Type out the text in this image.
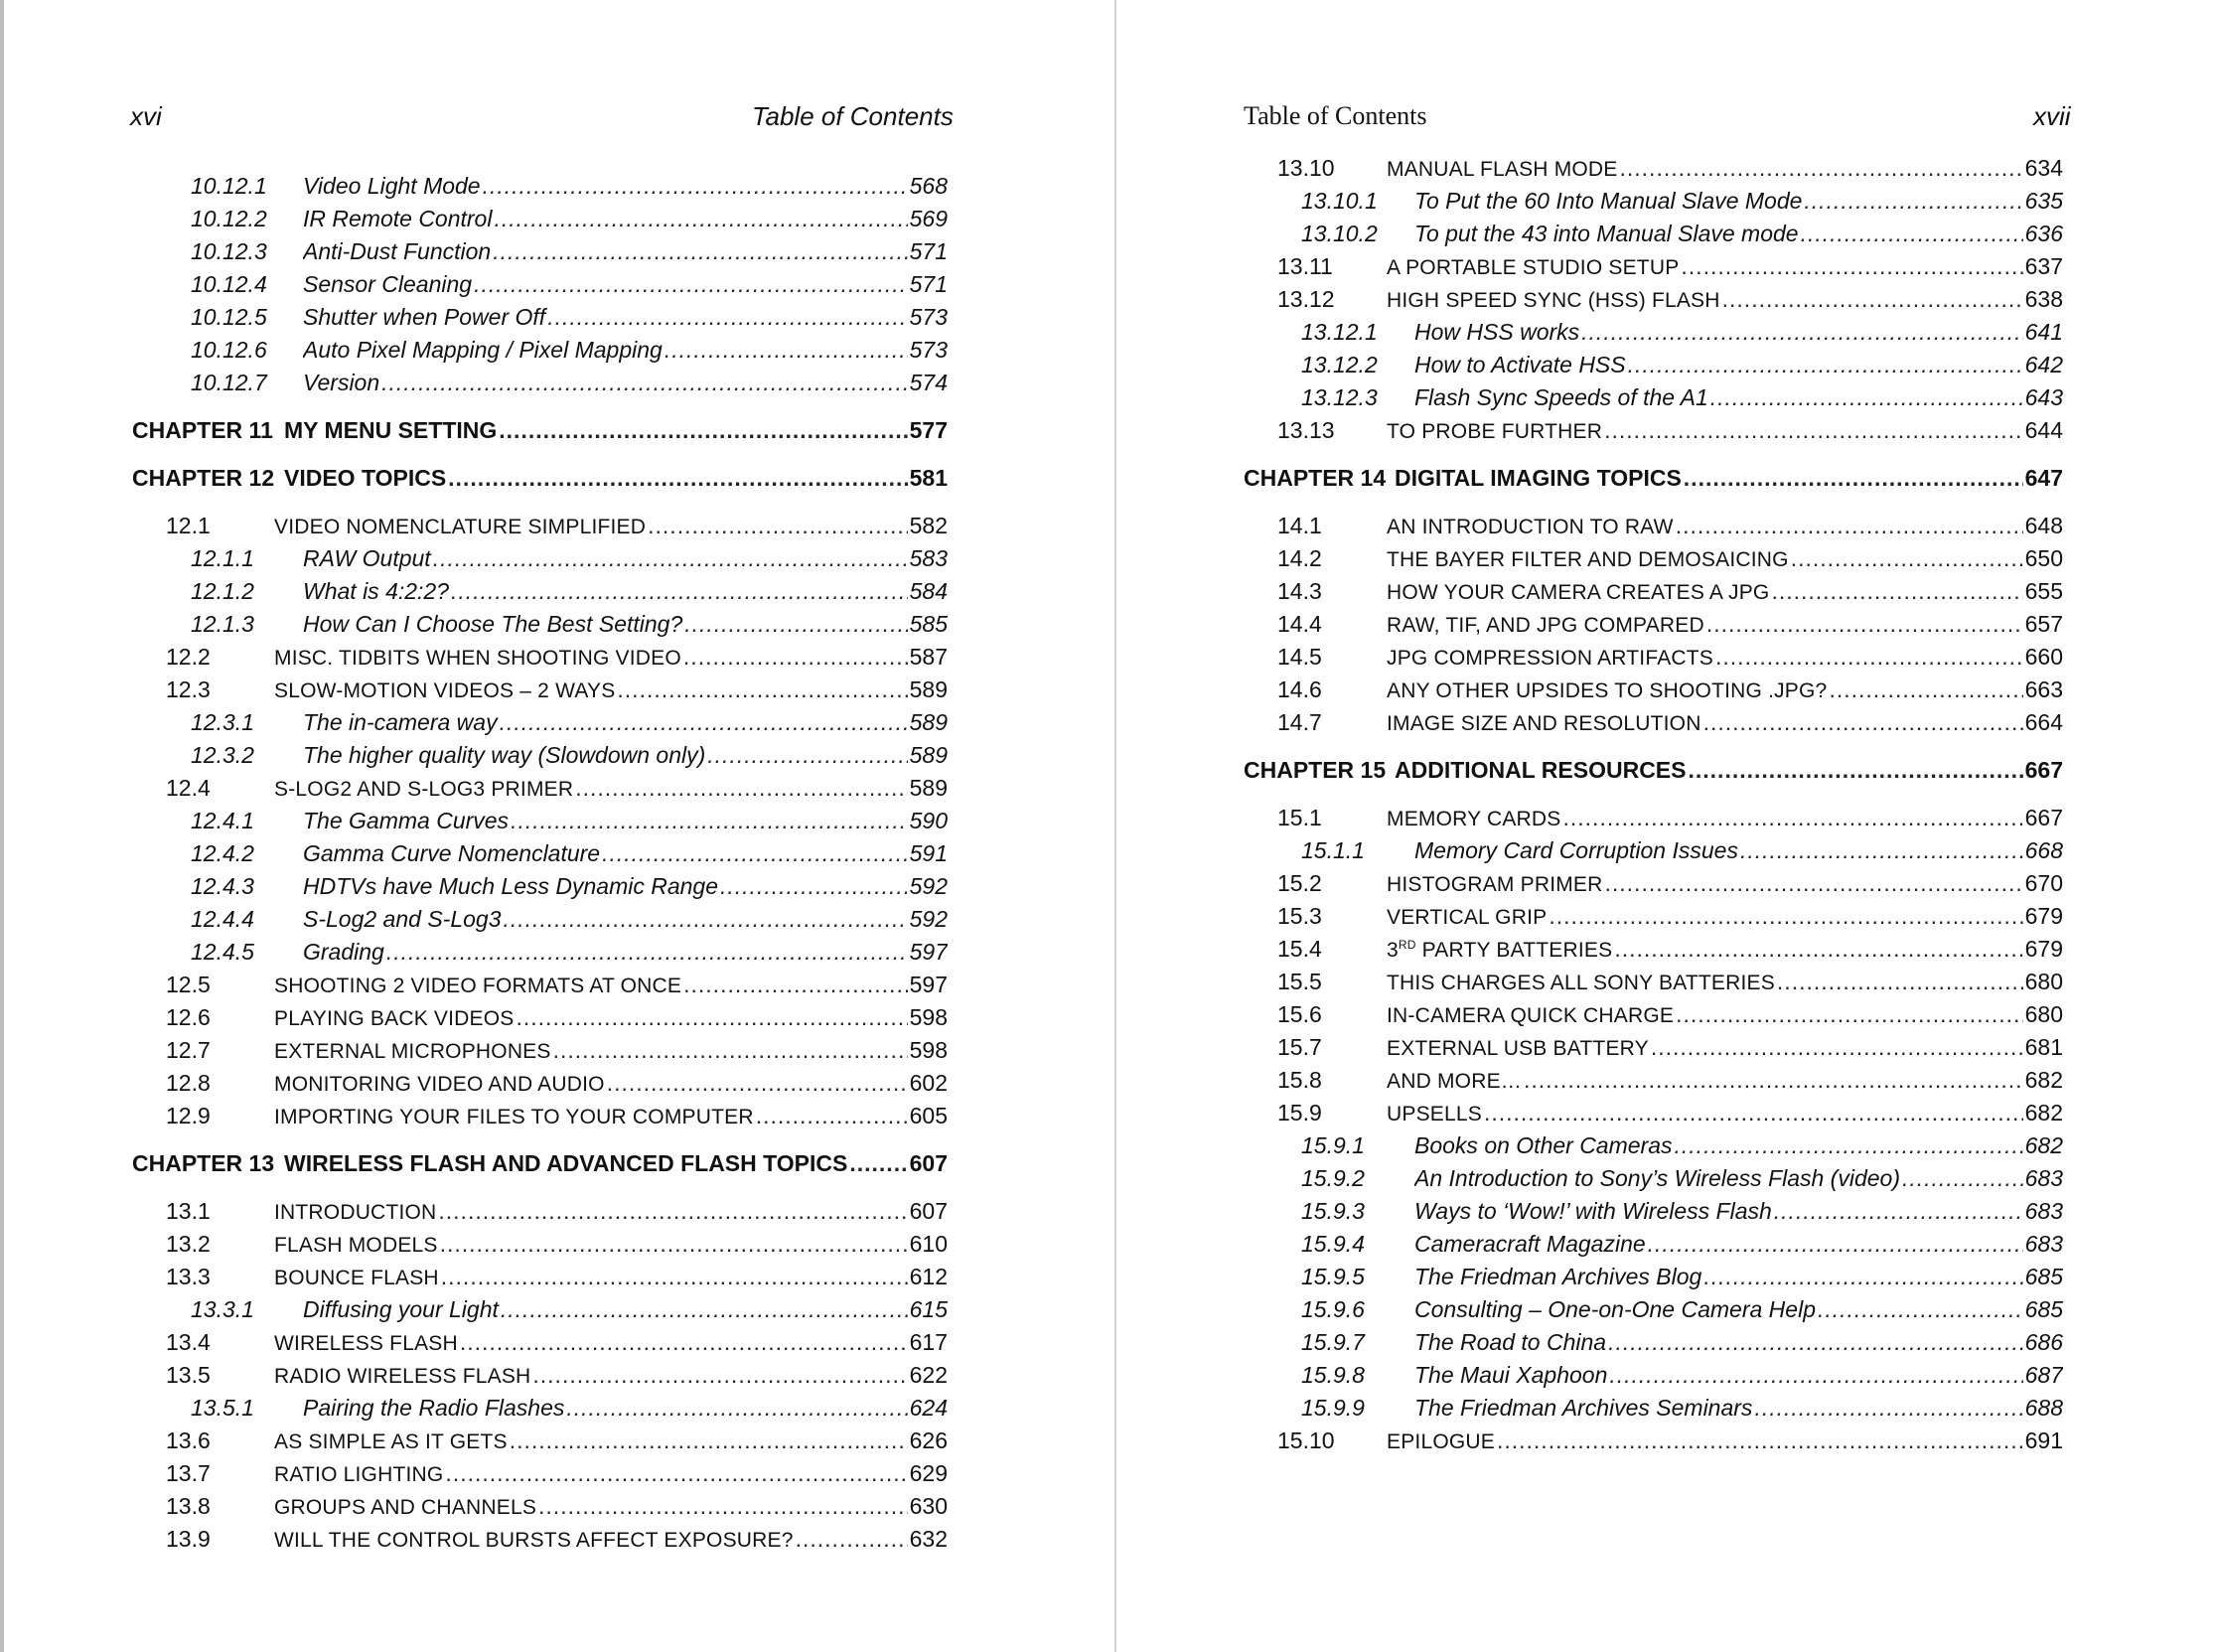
xvi	Table of Contents
10.12.1 Video Light Mode .....	568
10.12.2 IR Remote Control .....	569
10.12.3 Anti-Dust Function .....	571
10.12.4 Sensor Cleaning .....	571
10.12.5 Shutter when Power Off .....	573
10.12.6 Auto Pixel Mapping / Pixel Mapping .....	573
10.12.7 Version .....	574
CHAPTER 11 MY MENU SETTING .....	577
CHAPTER 12 VIDEO TOPICS .....	581
12.1	VIDEO NOMENCLATURE SIMPLIFIED .....	582
12.1.1 RAW Output .....	583
12.1.2 What is 4:2:2? .....	584
12.1.3 How Can I Choose The Best Setting? .....	585
12.2	MISC. TIDBITS WHEN SHOOTING VIDEO .....	587
12.3	SLOW-MOTION VIDEOS – 2 WAYS .....	589
12.3.1 The in-camera way .....	589
12.3.2 The higher quality way (Slowdown only) .....	589
12.4	S-LOG2 AND S-LOG3 PRIMER .....	589
12.4.1 The Gamma Curves .....	590
12.4.2 Gamma Curve Nomenclature .....	591
12.4.3 HDTVs have Much Less Dynamic Range .....	592
12.4.4 S-Log2 and S-Log3 .....	592
12.4.5 Grading .....	597
12.5	SHOOTING 2 VIDEO FORMATS AT ONCE .....	597
12.6	PLAYING BACK VIDEOS .....	598
12.7	EXTERNAL MICROPHONES .....	598
12.8	MONITORING VIDEO AND AUDIO .....	602
12.9	IMPORTING YOUR FILES TO YOUR COMPUTER .....	605
CHAPTER 13 WIRELESS FLASH AND ADVANCED FLASH TOPICS .....	607
13.1	INTRODUCTION .....	607
13.2	FLASH MODELS .....	610
13.3	BOUNCE FLASH .....	612
13.3.1 Diffusing your Light .....	615
13.4	WIRELESS FLASH .....	617
13.5	RADIO WIRELESS FLASH .....	622
13.5.1 Pairing the Radio Flashes .....	624
13.6	AS SIMPLE AS IT GETS .....	626
13.7	RATIO LIGHTING .....	629
13.8	GROUPS AND CHANNELS .....	630
13.9	WILL THE CONTROL BURSTS AFFECT EXPOSURE? .....	632
Table of Contents	xvii
13.10 MANUAL FLASH MODE .....	634
13.10.1 To Put the 60 Into Manual Slave Mode .....	635
13.10.2 To put the 43 into Manual Slave mode .....	636
13.11	A PORTABLE STUDIO SETUP .....	637
13.12 HIGH SPEED SYNC (HSS) FLASH .....	638
13.12.1 How HSS works .....	641
13.12.2 How to Activate HSS .....	642
13.12.3 Flash Sync Speeds of the A1 .....	643
13.13 TO PROBE FURTHER .....	644
CHAPTER 14 DIGITAL IMAGING TOPICS .....	647
14.1	AN INTRODUCTION TO RAW .....	648
14.2	THE BAYER FILTER AND DEMOSAICING .....	650
14.3	HOW YOUR CAMERA CREATES A JPG .....	655
14.4	RAW, TIF, AND JPG COMPARED .....	657
14.5	JPG COMPRESSION ARTIFACTS .....	660
14.6	ANY OTHER UPSIDES TO SHOOTING .JPG? .....	663
14.7	IMAGE SIZE AND RESOLUTION .....	664
CHAPTER 15 ADDITIONAL RESOURCES .....	667
15.1	MEMORY CARDS .....	667
15.1.1 Memory Card Corruption Issues .....	668
15.2	HISTOGRAM PRIMER .....	670
15.3	VERTICAL GRIP .....	679
15.4	3RD PARTY BATTERIES .....	679
15.5	THIS CHARGES ALL SONY BATTERIES .....	680
15.6	IN-CAMERA QUICK CHARGE .....	680
15.7	EXTERNAL USB BATTERY .....	681
15.8	AND MORE… .....	682
15.9	UPSELLS .....	682
15.9.1 Books on Other Cameras .....	682
15.9.2 An Introduction to Sony’s Wireless Flash (video) .....	683
15.9.3 Ways to ‘Wow!’ with Wireless Flash .....	683
15.9.4 Cameracraft Magazine .....	683
15.9.5 The Friedman Archives Blog .....	685
15.9.6 Consulting – One-on-One Camera Help .....	685
15.9.7 The Road to China .....	686
15.9.8 The Maui Xaphoon .....	687
15.9.9 The Friedman Archives Seminars .....	688
15.10 EPILOGUE .....	691
